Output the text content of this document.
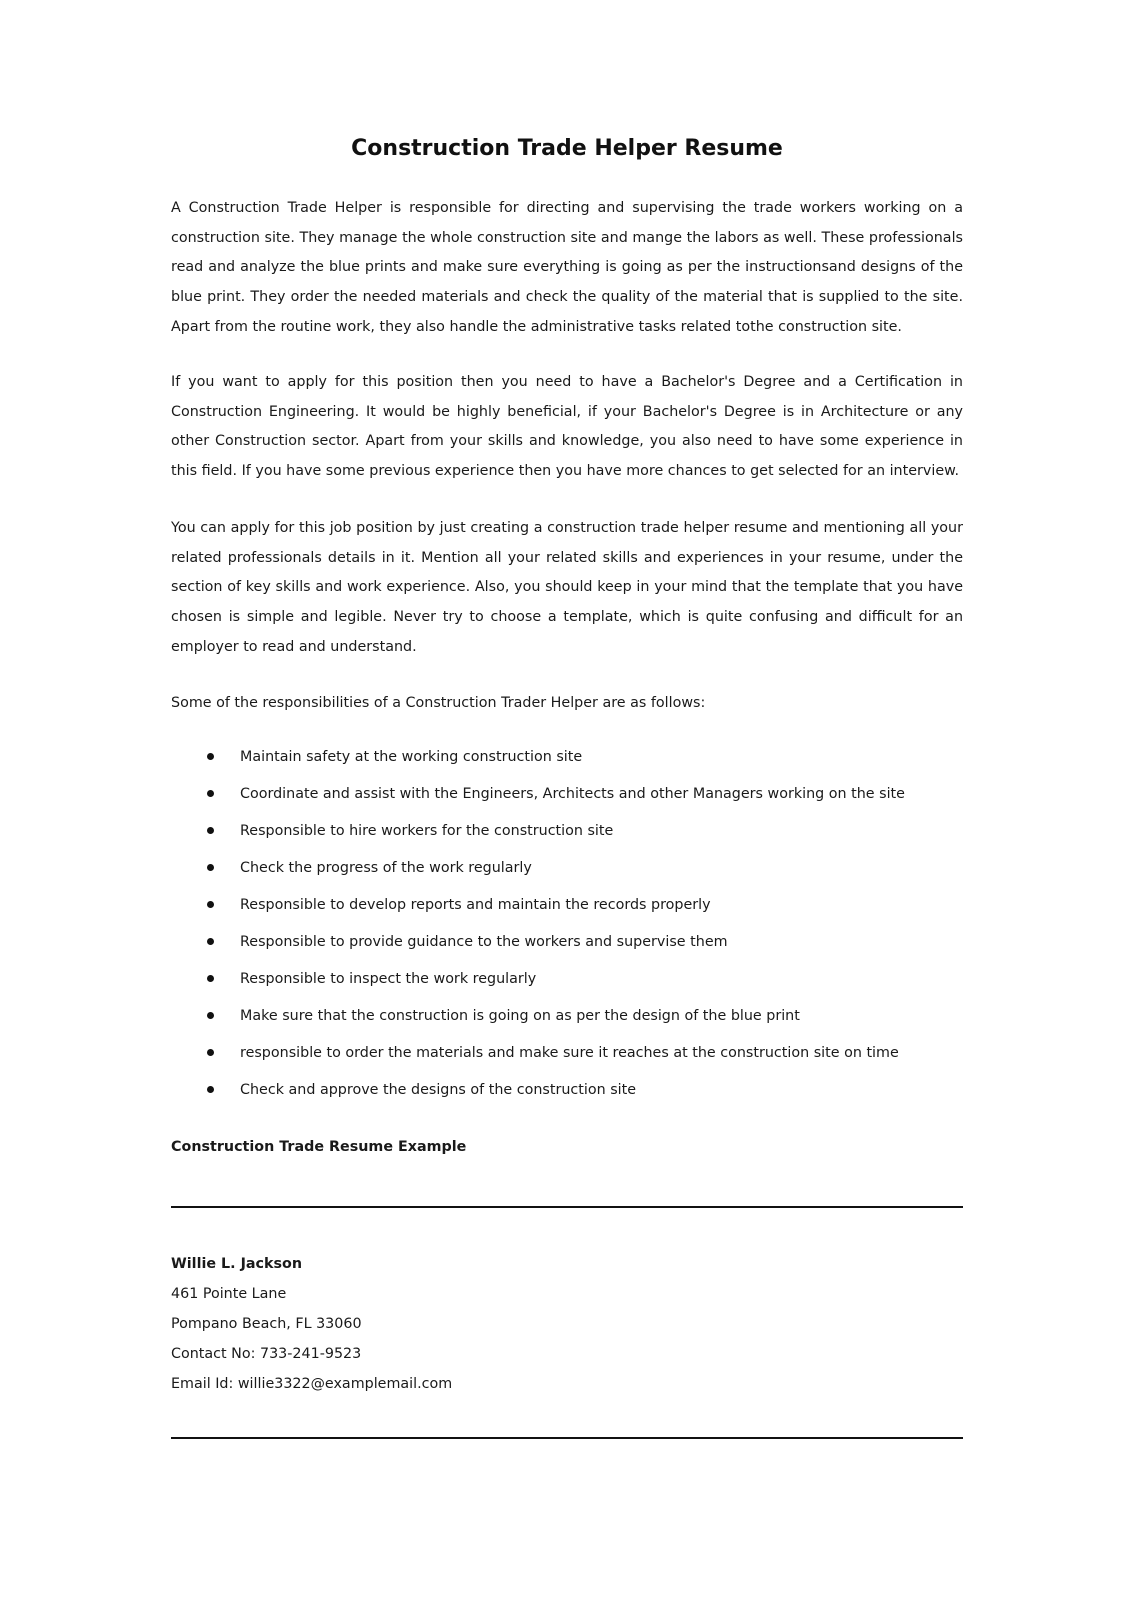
Construction Trade Helper Resume

A Construction Trade Helper is responsible for directing and supervising the trade workers working on a construction site. They manage the whole construction site and mange the labors as well. These professionals read and analyze the blue prints and make sure everything is going as per the instructionsand designs of the blue print. They order the needed materials and check the quality of the material that is supplied to the site. Apart from the routine work, they also handle the administrative tasks related tothe construction site.

If you want to apply for this position then you need to have a Bachelor's Degree and a Certification in Construction Engineering. It would be highly beneficial, if your Bachelor's Degree is in Architecture or any other Construction sector. Apart from your skills and knowledge, you also need to have some experience in this field. If you have some previous experience then you have more chances to get selected for an interview.

You can apply for this job position by just creating a construction trade helper resume and mentioning all your related professionals details in it. Mention all your related skills and experiences in your resume, under the section of key skills and work experience. Also, you should keep in your mind that the template that you have chosen is simple and legible. Never try to choose a template, which is quite confusing and difficult for an employer to read and understand.

Some of the responsibilities of a Construction Trader Helper are as follows:

Maintain safety at the working construction site
Coordinate and assist with the Engineers, Architects and other Managers working on the site
Responsible to hire workers for the construction site
Check the progress of the work regularly
Responsible to develop reports and maintain the records properly
Responsible to provide guidance to the workers and supervise them
Responsible to inspect the work regularly
Make sure that the construction is going on as per the design of the blue print
responsible to order the materials and make sure it reaches at the construction site on time
Check and approve the designs of the construction site
Construction Trade Resume Example
Willie L. Jackson
461 Pointe Lane
Pompano Beach, FL 33060
Contact No: 733-241-9523
Email Id: willie3322@examplemail.com
